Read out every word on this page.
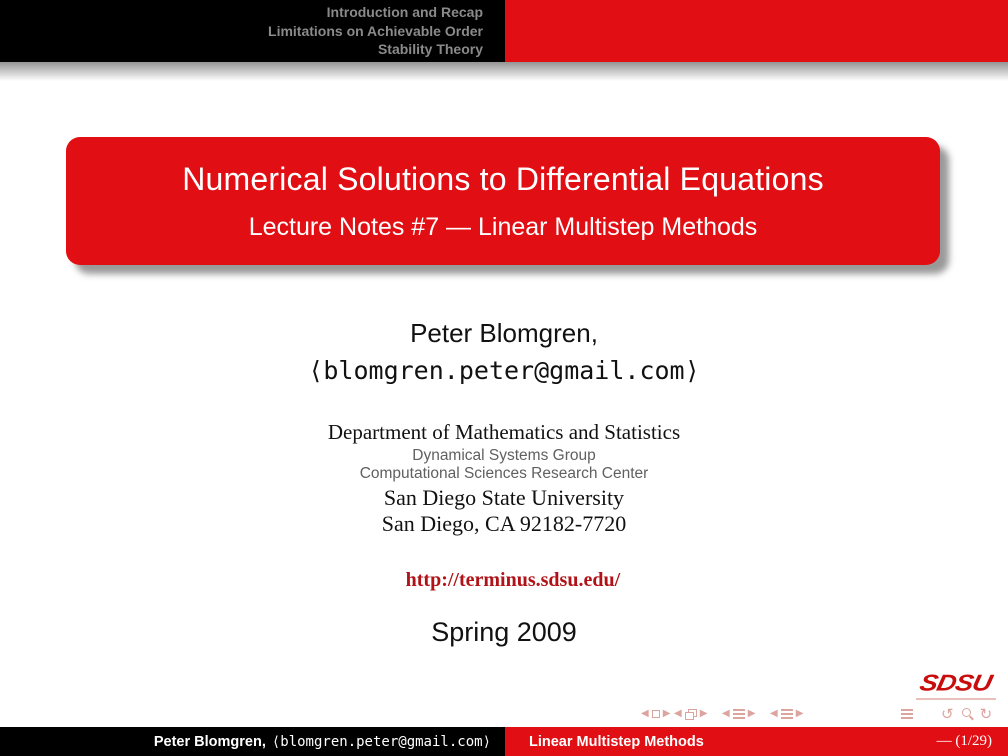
Introduction and Recap
Limitations on Achievable Order
Stability Theory
Numerical Solutions to Differential Equations
Lecture Notes #7 — Linear Multistep Methods
Peter Blomgren,
⟨blomgren.peter@gmail.com⟩
Department of Mathematics and Statistics
Dynamical Systems Group
Computational Sciences Research Center
San Diego State University
San Diego, CA 92182-7720

http://terminus.sdsu.edu/

Spring 2009
SDSU
◀ ▶ ◀ ▶ ◀ ▶ ◀ ▶	↺ ↻
Peter Blomgren, ⟨blomgren.peter@gmail.com⟩	Linear Multistep Methods	— (1/29)
